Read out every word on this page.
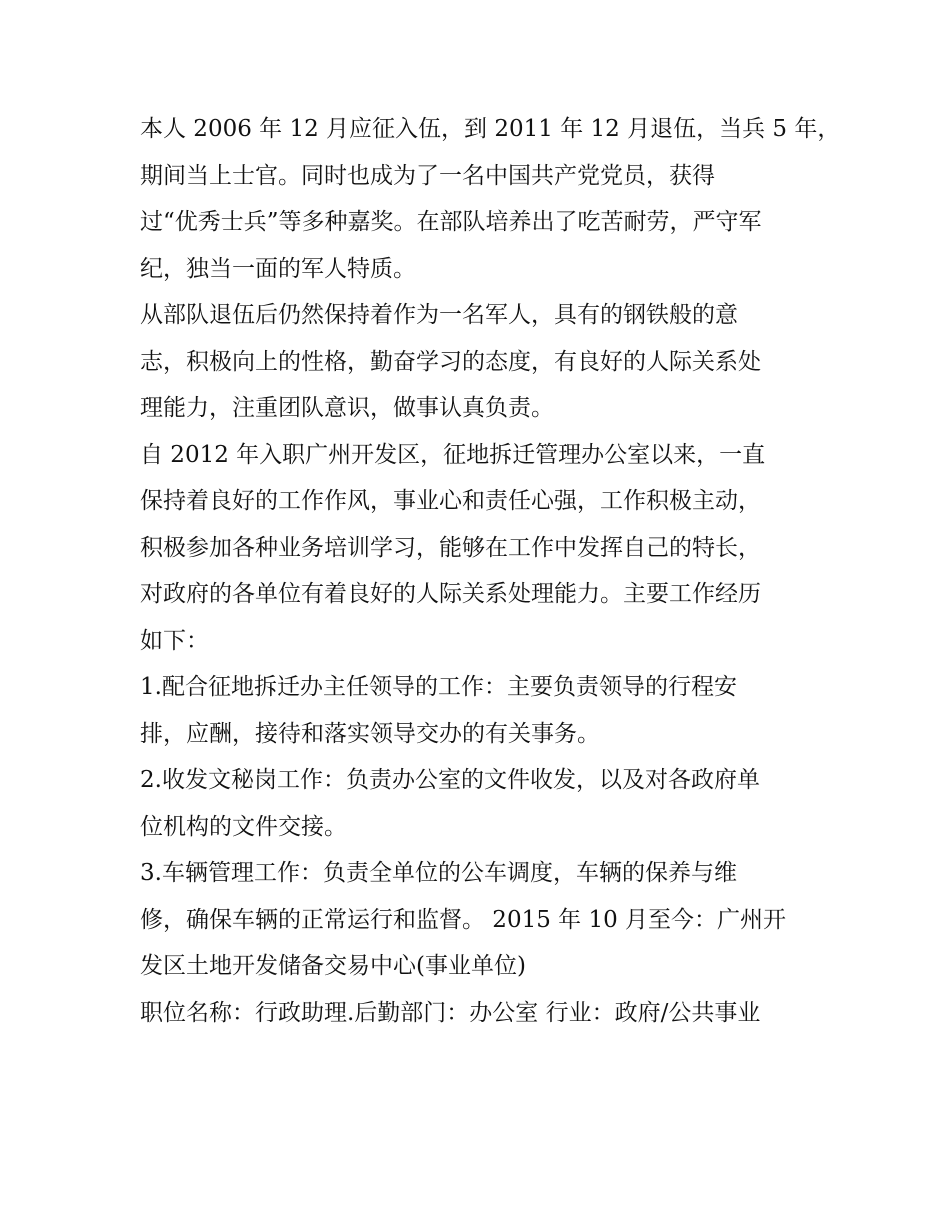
本人 2006 年 12 月应征入伍，到 2011 年 12 月退伍，当兵 5 年，
期间当上士官。同时也成为了一名中国共产党党员，获得
过“优秀士兵”等多种嘉奖。在部队培养出了吃苦耐劳，严守军
纪，独当一面的军人特质。
从部队退伍后仍然保持着作为一名军人，具有的钢铁般的意
志，积极向上的性格，勤奋学习的态度，有良好的人际关系处
理能力，注重团队意识，做事认真负责。
自 2012 年入职广州开发区，征地拆迁管理办公室以来，一直
保持着良好的工作作风，事业心和责任心强，工作积极主动，
积极参加各种业务培训学习，能够在工作中发挥自己的特长，
对政府的各单位有着良好的人际关系处理能力。主要工作经历
如下：
1.配合征地拆迁办主任领导的工作：主要负责领导的行程安
排，应酬，接待和落实领导交办的有关事务。
2.收发文秘岗工作：负责办公室的文件收发，以及对各政府单
位机构的文件交接。
3.车辆管理工作：负责全单位的公车调度，车辆的保养与维
修，确保车辆的正常运行和监督。 2015 年 10 月至今：广州开
发区土地开发储备交易中心(事业单位)
职位名称：行政助理.后勤部门：办公室 行业：政府/公共事业
